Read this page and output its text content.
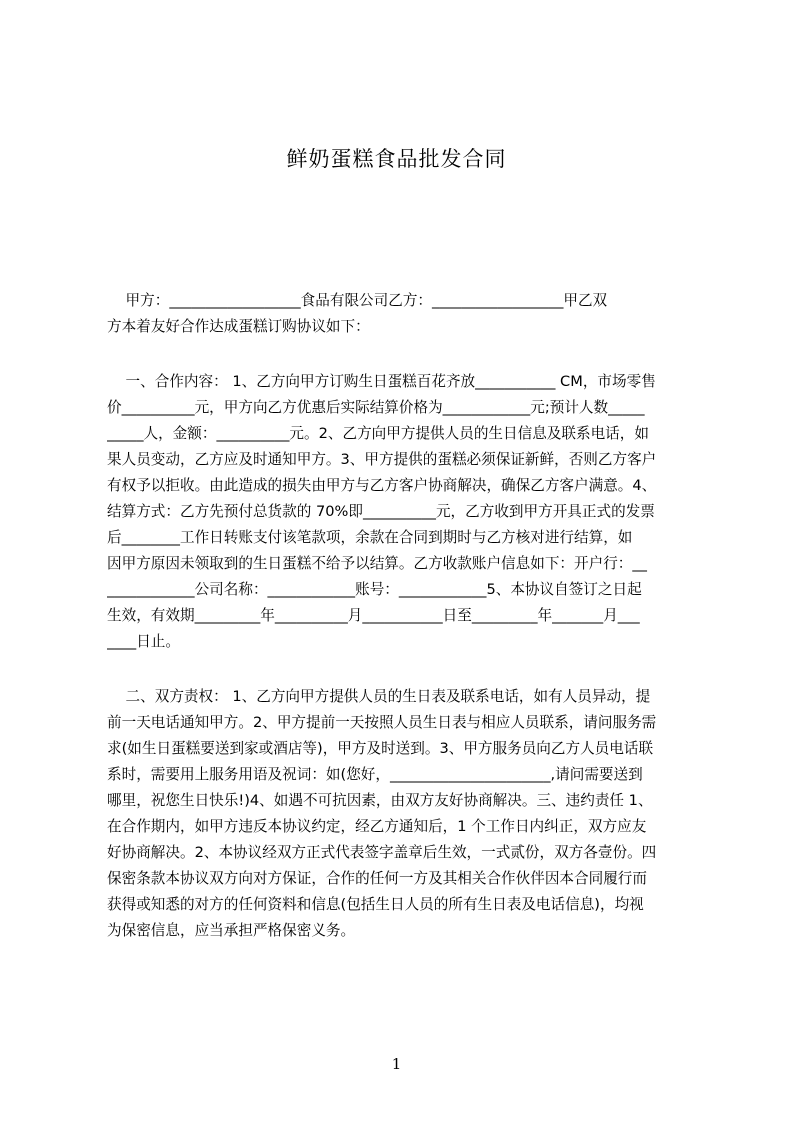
鲜奶蛋糕食品批发合同
甲方：__________________食品有限公司乙方：__________________甲乙双
方本着友好合作达成蛋糕订购协议如下：
一、合作内容： 1、乙方向甲方订购生日蛋糕百花齐放___________ CM，市场零售
价__________元，甲方向乙方优惠后实际结算价格为____________元;预计人数_____
_____人，金额：__________元。2、乙方向甲方提供人员的生日信息及联系电话，如
果人员变动，乙方应及时通知甲方。3、甲方提供的蛋糕必须保证新鲜，否则乙方客户
有权予以拒收。由此造成的损失由甲方与乙方客户协商解决，确保乙方客户满意。4、
结算方式：乙方先预付总货款的 70%即__________元，乙方收到甲方开具正式的发票
后________工作日转账支付该笔款项，余款在合同到期时与乙方核对进行结算，如
因甲方原因未领取到的生日蛋糕不给予以结算。乙方收款账户信息如下：开户行：__
____________公司名称：____________账号：____________5、本协议自签订之日起
生效，有效期_________年__________月___________日至_________年_______月___
____日止。
二、双方责权： 1、乙方向甲方提供人员的生日表及联系电话，如有人员异动，提
前一天电话通知甲方。2、甲方提前一天按照人员生日表与相应人员联系，请问服务需
求(如生日蛋糕要送到家或酒店等)，甲方及时送到。3、甲方服务员向乙方人员电话联
系时，需要用上服务用语及祝词：如(您好，______________________,请问需要送到
哪里，祝您生日快乐!)4、如遇不可抗因素，由双方友好协商解决。三、违约责任 1、
在合作期内，如甲方违反本协议约定，经乙方通知后，1 个工作日内纠正，双方应友
好协商解决。2、本协议经双方正式代表签字盖章后生效，一式贰份，双方各壹份。四
保密条款本协议双方向对方保证，合作的任何一方及其相关合作伙伴因本合同履行而
获得或知悉的对方的任何资料和信息(包括生日人员的所有生日表及电话信息)，均视
为保密信息，应当承担严格保密义务。
1
